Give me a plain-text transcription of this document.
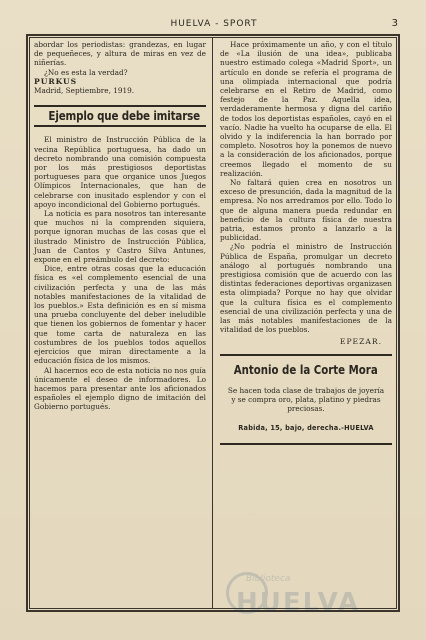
HUELVA - SPORT	3

abordar los periodistas: grandezas, en lugar de pequeñeces, y altura de miras en vez de niñerías.

¿No es esta la verdad?

PURKUS

Madrid, Septiembre, 1919.

Ejemplo que debe imitarse

El ministro de Instrucción Pública de la vecina República portuguesa, ha dado un decreto nombrando una comisión compuesta por los más prestigiosos deportistas portugueses para que organice unos Juegos Olímpicos Internacionales, que han de celebrarse con inusitado esplendor y con el apoyo incondicional del Gobierno portugués.

La noticia es para nosotros tan interesante que muchos ni la comprenden siquiera, porque ignoran muchas de las cosas que el ilustrado Ministro de Instrucción Pública, Juan de Cantos y Castro Silva Antunes, expone en el preámbulo del decreto:

Dice, entre otras cosas que la educación física es «el complemento esencial de una civilización perfecta y una de las más notables manifestaciones de la vitalidad de los pueblos.» Esta definición es en sí misma una prueba concluyente del deber ineludible que tienen los gobiernos de fomentar y hacer que tome carta de naturaleza en las costumbres de los pueblos todos aquellos ejercicios que miran directamente a la educación física de los mismos.

Al hacernos eco de esta noticia no nos guía únicamente el deseo de informadores. Lo hacemos para presentar ante los aficionados españoles el ejemplo digno de imitación del Gobierno portugués.

Hace próximamente un año, y con el título de «La ilusión de una idea», publicaba nuestro estimado colega «Madrid Sport», un artículo en donde se refería el programa de una olimpiada internacional que podría celebrarse en el Retiro de Madrid, como festejo de la Paz. Aquella idea, verdaderamente hermosa y digna del cariño de todos los deportistas españoles, cayó en el vacío. Nadie ha vuelto ha ocuparse de ella. El olvido y la indiferencia la han borrado por completo. Nosotros hoy la ponemos de nuevo a la consideración de los aficionados, porque creemos llegado el momento de su realización.

No faltará quien crea en nosotros un exceso de presunción, dada la magnitud de la empresa. No nos arredramos por ello. Todo lo que de alguna manera pueda redundar en beneficio de la cultura física de nuestra patria, estamos pronto a lanzarlo a la publicidad.

¿No podría el ministro de Instrucción Pública de España, promulgar un decreto análogo al portugués nombrando una prestigiosa comisión que de acuerdo con las distintas federaciones deportivas organizasen esta olimpiada? Porque no hay que olvidar que la cultura física es el complemento esencial de una civilización perfecta y una de las más notables manifestaciones de la vitalidad de los pueblos.

EPEZAR.

Antonio de la Corte Mora
Se hacen toda clase de trabajos de joyería y se compra oro, plata, platino y piedras preciosas.
Rabida, 15, bajo, derecha.-HUELVA
Biblioteca
HUELVA
